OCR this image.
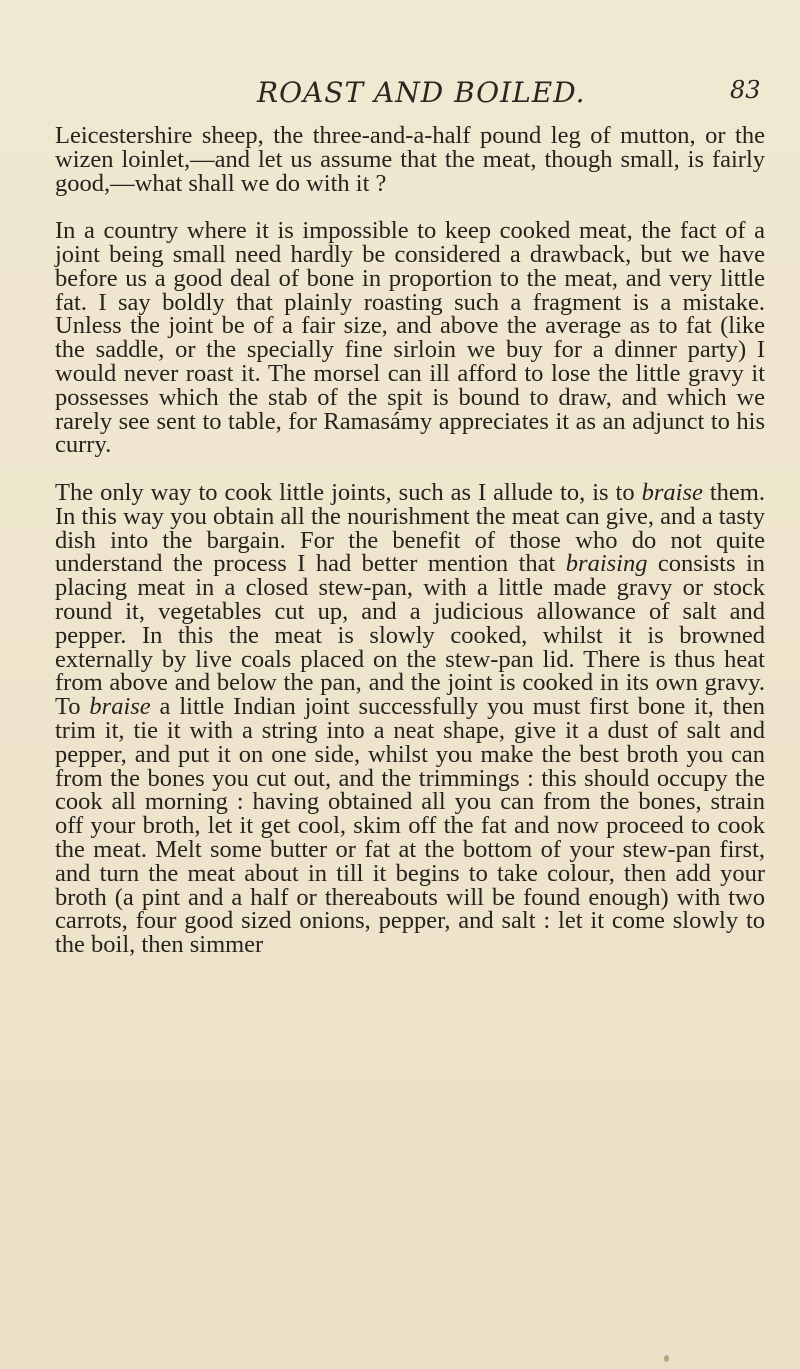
ROAST AND BOILED.	83

Leicestershire sheep, the three-and-a-half pound leg of mutton, or the wizen loinlet,—and let us assume that the meat, though small, is fairly good,—what shall we do with it ?

In a country where it is impossible to keep cooked meat, the fact of a joint being small need hardly be considered a drawback, but we have before us a good deal of bone in proportion to the meat, and very little fat. I say boldly that plainly roasting such a fragment is a mistake. Unless the joint be of a fair size, and above the average as to fat (like the saddle, or the specially fine sirloin we buy for a dinner party) I would never roast it. The morsel can ill afford to lose the little gravy it possesses which the stab of the spit is bound to draw, and which we rarely see sent to table, for Ramasámy appreciates it as an adjunct to his curry.

The only way to cook little joints, such as I allude to, is to braise them. In this way you obtain all the nourishment the meat can give, and a tasty dish into the bargain. For the benefit of those who do not quite understand the process I had better mention that braising consists in placing meat in a closed stew-pan, with a little made gravy or stock round it, vegetables cut up, and a judicious allowance of salt and pepper. In this the meat is slowly cooked, whilst it is browned externally by live coals placed on the stew-pan lid. There is thus heat from above and below the pan, and the joint is cooked in its own gravy. To braise a little Indian joint successfully you must first bone it, then trim it, tie it with a string into a neat shape, give it a dust of salt and pepper, and put it on one side, whilst you make the best broth you can from the bones you cut out, and the trimmings : this should occupy the cook all morning : having obtained all you can from the bones, strain off your broth, let it get cool, skim off the fat and now proceed to cook the meat. Melt some butter or fat at the bottom of your stew-pan first, and turn the meat about in till it begins to take colour, then add your broth (a pint and a half or thereabouts will be found enough) with two carrots, four good sized onions, pepper, and salt : let it come slowly to the boil, then simmer
